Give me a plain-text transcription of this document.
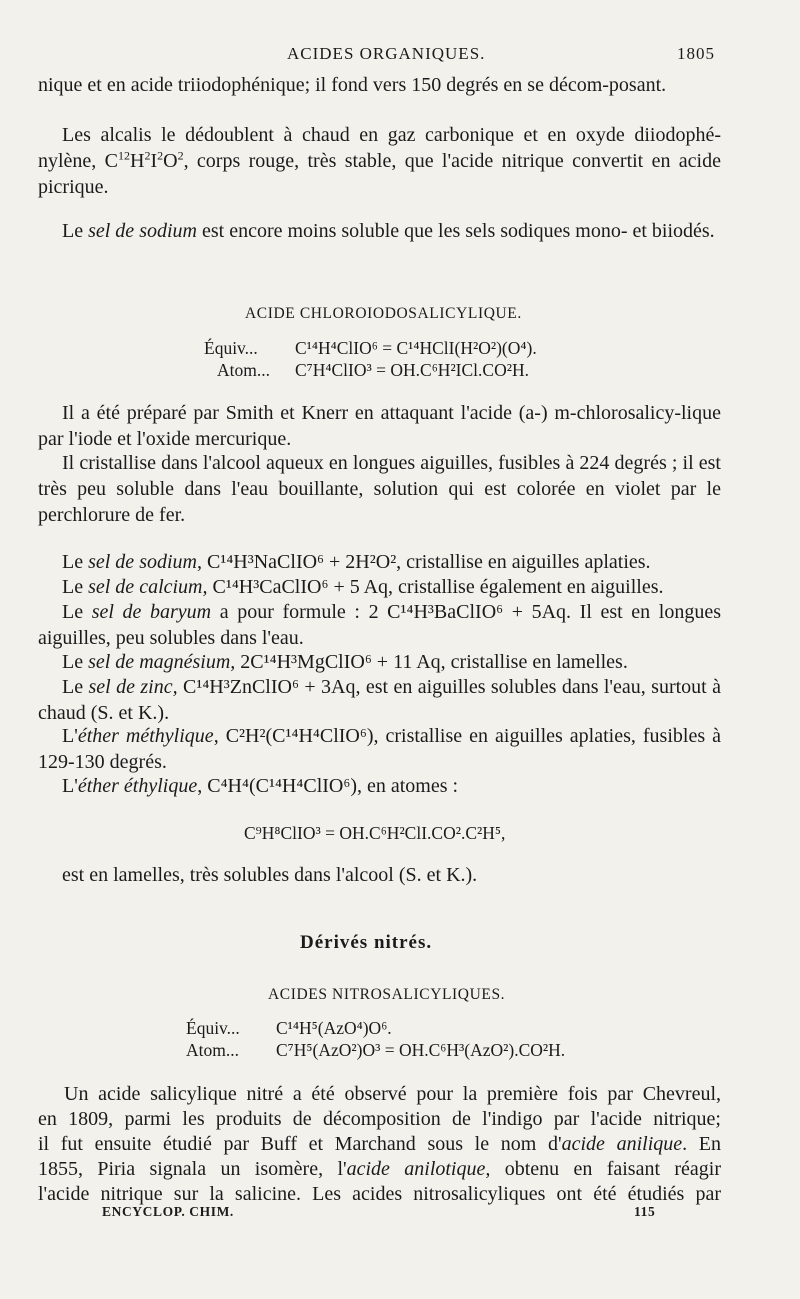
ACIDES ORGANIQUES.	1805
nique et en acide triiodophénique; il fond vers 150 degrés en se décom-posant.
Les alcalis le dédoublent à chaud en gaz carbonique et en oxyde diiodophé-nylène, $C^{12}H^2I^2O^2$, corps rouge, très stable, que l'acide nitrique convertit en acide picrique.
Le sel de sodium est encore moins soluble que les sels sodiques mono- et biiodés.
ACIDE CHLOROIODOSALICYLIQUE.
Équiv... C¹⁴H⁴ClIO⁶ = C¹⁴HClI(H²O²)(O⁴).
Atom... C⁷H⁴ClIO³ = OH.C⁶H²ICl.CO²H.
Il a été préparé par Smith et Knerr en attaquant l'acide (a-) m-chlorosalicy-lique par l'iode et l'oxide mercurique.
Il cristallise dans l'alcool aqueux en longues aiguilles, fusibles à 224 degrés ; il est très peu soluble dans l'eau bouillante, solution qui est colorée en violet par le perchlorure de fer.
Le sel de sodium, C¹⁴H³NaClIO⁶ + 2H²O², cristallise en aiguilles aplaties.
Le sel de calcium, C¹⁴H³CaClIO⁶ + 5 Aq, cristallise également en aiguilles.
Le sel de baryum a pour formule : 2 C¹⁴H³BaClIO⁶ + 5Aq. Il est en longues aiguilles, peu solubles dans l'eau.
Le sel de magnésium, 2C¹⁴H³MgClIO⁶ + 11 Aq, cristallise en lamelles.
Le sel de zinc, C¹⁴H³ZnClIO⁶ + 3Aq, est en aiguilles solubles dans l'eau, surtout à chaud (S. et K.).
L'éther méthylique, C²H²(C¹⁴H⁴ClIO⁶), cristallise en aiguilles aplaties, fusibles à 129-130 degrés.
L'éther éthylique, C⁴H⁴(C¹⁴H⁴ClIO⁶), en atomes :
C⁹H⁸ClIO³ = OH.C⁶H²ClI.CO².C²H⁵,
est en lamelles, très solubles dans l'alcool (S. et K.).
Dérivés nitrés.
ACIDES NITROSALICYLIQUES.
Équiv... C¹⁴H⁵(AzO⁴)O⁶.
Atom... C⁷H⁵(AzO²)O³ = OH.C⁶H³(AzO²).CO²H.
Un acide salicylique nitré a été observé pour la première fois par Chevreul,
en 1809, parmi les produits de décomposition de l'indigo par l'acide nitrique;
il fut ensuite étudié par Buff et Marchand sous le nom d'acide anilique. En
1855, Piria signala un isomère, l'acide anilotique, obtenu en faisant réagir
l'acide nitrique sur la salicine. Les acides nitrosalicyliques ont été étudiés par
ENCYCLOP. CHIM.	115
